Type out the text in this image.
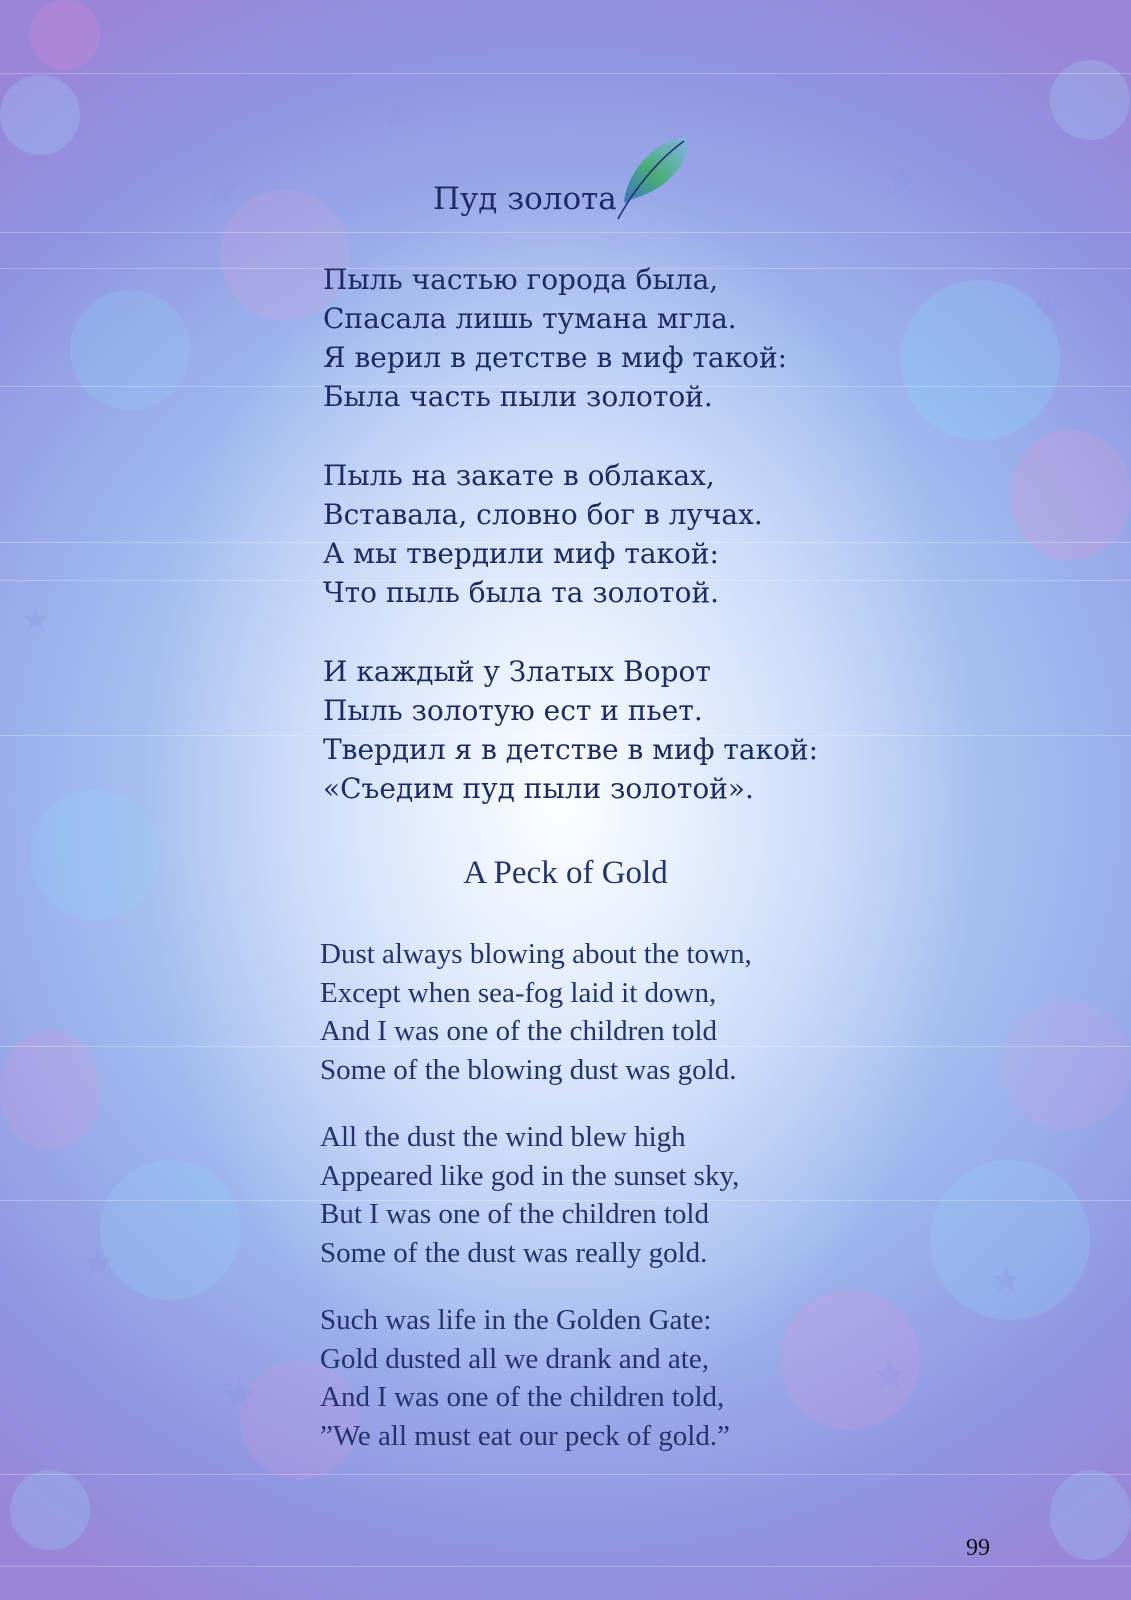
★
★
★
★
★
★
★	★
★
Пуд золота
Пыль частью города была,
Спасала лишь тумана мгла.
Я верил в детстве в миф такой:
Была часть пыли золотой.
Пыль на закате в облаках,
Вставала, словно бог в лучах.
А мы твердили миф такой:
Что пыль была та золотой.
И каждый у Златых Ворот
Пыль золотую ест и пьет.
Твердил я в детстве в миф такой:
«Съедим пуд пыли золотой».
A Peck of Gold
Dust always blowing about the town,
Except when sea-fog laid it down,
And I was one of the children told
Some of the blowing dust was gold.
All the dust the wind blew high
Appeared like god in the sunset sky,
But I was one of the children told
Some of the dust was really gold.
Such was life in the Golden Gate:
Gold dusted all we drank and ate,
And I was one of the children told,
”We all must eat our peck of gold.”
99
